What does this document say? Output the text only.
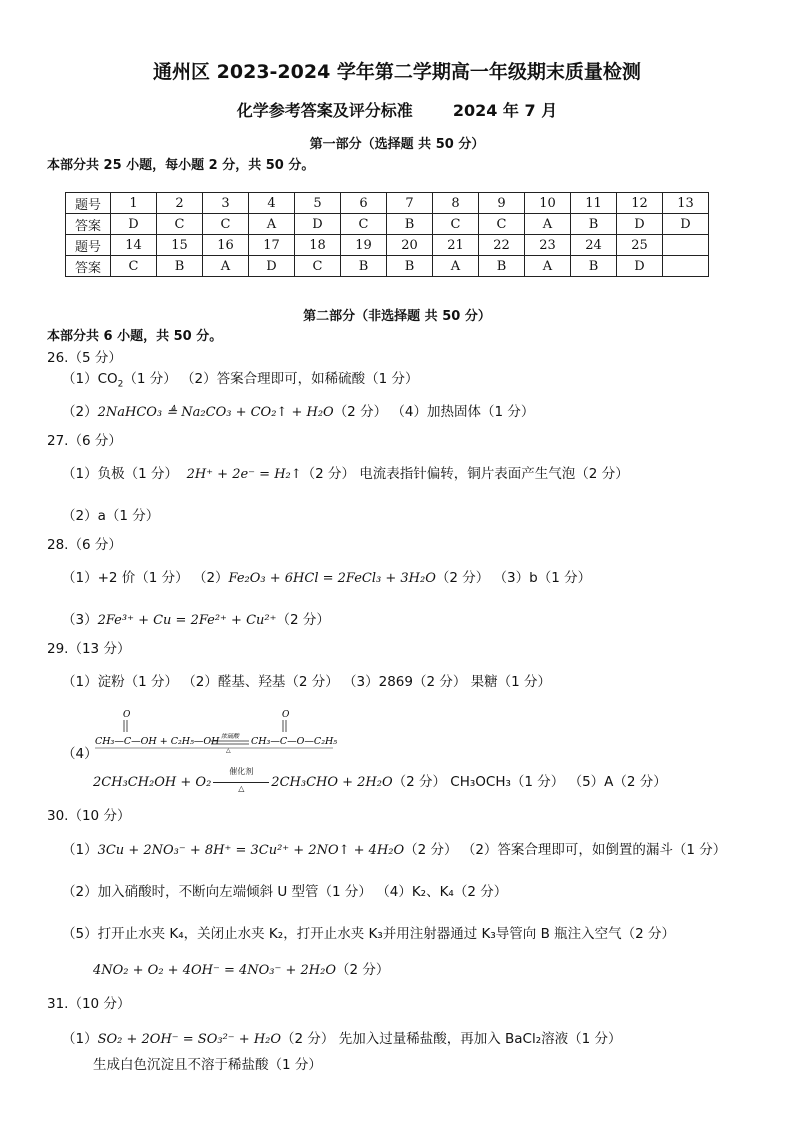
通州区 2023-2024 学年第二学期高一年级期末质量检测
化学参考答案及评分标准	2024 年 7 月
第一部分（选择题 共 50 分）
本部分共 25 小题，每小题 2 分，共 50 分。
题号	1	2	3	4	5	6	7	8	9	10	11	12	13
答案	D	C	C	A	D	C	B	C	C	A	B	D	D
题号	14	15	16	17	18	19	20	21	22	23	24	25	
答案	C	B	A	D	C	B	B	A	B	A	B	D	
第二部分（非选择题 共 50 分）
本部分共 6 小题，共 50 分。
26.（5 分）
$(1)CO_2(1$ 分） （2）答案合理即可，如稀硫酸（1 分）
（2）2NaHCO₃ ≜ Na₂CO₃ + CO₂↑ + H₂O（2 分） （4）加热固体（1 分）
27.（6 分）
（1）负极（1 分） 2H⁺ + 2e⁻ = H₂↑（2 分） 电流表指针偏转，铜片表面产生气泡（2 分）
（2）a（1 分）
28.（6 分）
（1）+2 价（1 分） （2）Fe₂O₃ + 6HCl = 2FeCl₃ + 3H₂O（2 分） （3）b（1 分）
（3）2Fe³⁺ + Cu = 2Fe²⁺ + Cu²⁺（2 分）
29.（13 分）
（1）淀粉（1 分） （2）醛基、羟基（2 分） （3）2869（2 分） 果糖（1 分）
（4）
O
CH₃—C—OH + C₂H₅—OH 浓硫酸
△
O
CH₃—C—O—C₂H₅
2CH₃CH₂OH + O₂
催化剂
△	2CH₃CHO + 2H₂O（2 分） CH₃OCH₃（1 分） （5）A（2 分）
30.（10 分）
（1）3Cu + 2NO₃⁻ + 8H⁺ = 3Cu²⁺ + 2NO↑ + 4H₂O（2 分） （2）答案合理即可，如倒置的漏斗（1 分）
（2）加入硝酸时，不断向左端倾斜 U 型管（1 分） （4）K₂、K₄（2 分）
（5）打开止水夹 K₄，关闭止水夹 K₂，打开止水夹 K₃并用注射器通过 K₃导管向 B 瓶注入空气（2 分）
4NO₂ + O₂ + 4OH⁻ = 4NO₃⁻ + 2H₂O（2 分）
31.（10 分）
（1）SO₂ + 2OH⁻ = SO₃²⁻ + H₂O（2 分） 先加入过量稀盐酸，再加入 BaCl₂溶液（1 分）
生成白色沉淀且不溶于稀盐酸（1 分）
